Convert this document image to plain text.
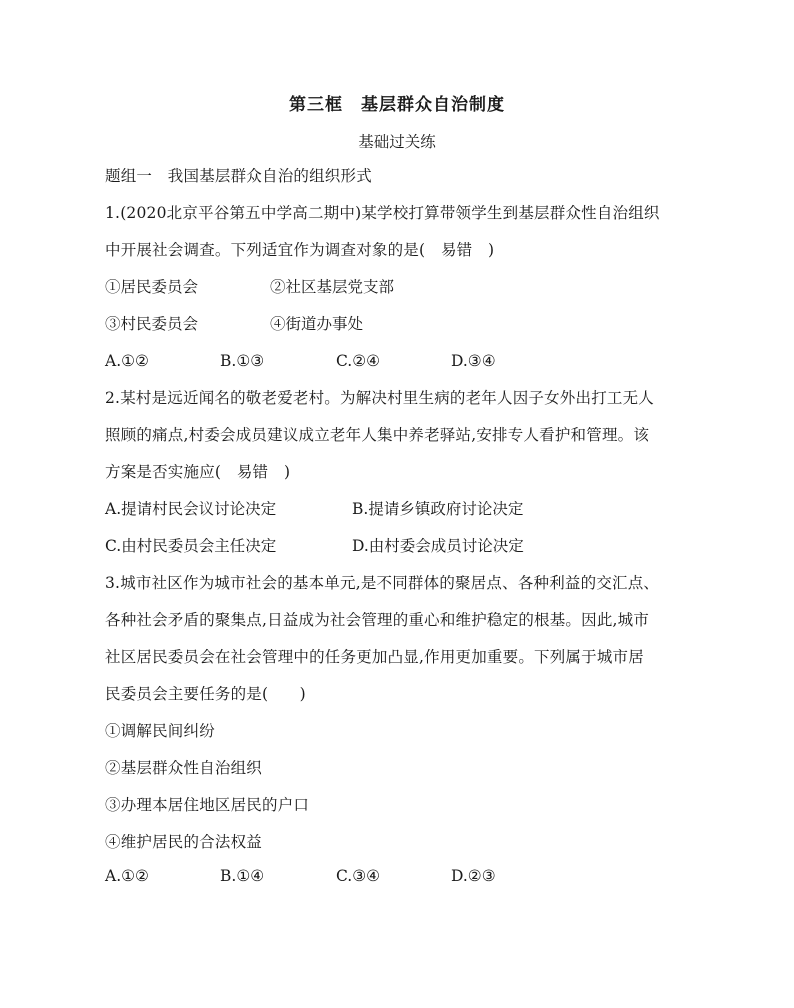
第三框　基层群众自治制度
基础过关练
题组一　我国基层群众自治的组织形式
1.(2020北京平谷第五中学高二期中)某学校打算带领学生到基层群众性自治组织
中开展社会调查。下列适宜作为调查对象的是(　易错　)
①居民委员会	②社区基层党支部
③村民委员会	④街道办事处
A.①②	B.①③	C.②④	D.③④
2.某村是远近闻名的敬老爱老村。为解决村里生病的老年人因子女外出打工无人
照顾的痛点,村委会成员建议成立老年人集中养老驿站,安排专人看护和管理。该
方案是否实施应(　易错　)
A.提请村民会议讨论决定	B.提请乡镇政府讨论决定
C.由村民委员会主任决定	D.由村委会成员讨论决定
3.城市社区作为城市社会的基本单元,是不同群体的聚居点、各种利益的交汇点、
各种社会矛盾的聚集点,日益成为社会管理的重心和维护稳定的根基。因此,城市
社区居民委员会在社会管理中的任务更加凸显,作用更加重要。下列属于城市居
民委员会主要任务的是(　　)
①调解民间纠纷
②基层群众性自治组织
③办理本居住地区居民的户口
④维护居民的合法权益
A.①②	B.①④	C.③④	D.②③
